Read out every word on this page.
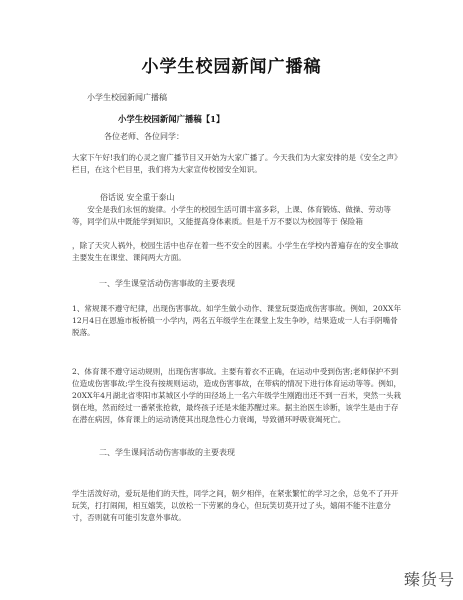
小学生校园新闻广播稿
小学生校园新闻广播稿
小学生校园新闻广播稿【1】
各位老师、各位同学：
大家下午好!我们的心灵之窗广播节目又开始为大家广播了。今天我们为大家安排的是《安全之声》栏目，在这个栏目里，我们将为大家宣传校园安全知识。
俗话说 安全重于泰山
安全是我们永恒的旋律。小学生的校园生活可谓丰富多彩，上课、体育锻炼、做操、劳动等等，同学们从中既能学到知识，又能提高身体素质。但是千万不要以为校园等于 保险箱
，除了天灾人祸外，校园生活中也存在着一些不安全的因素。小学生在学校内普遍存在的安全事故主要发生在课堂、课间两大方面。
一、学生课堂活动伤害事故的主要表现
1、常规课不遵守纪律，出现伤害事故。如学生做小动作、课堂玩耍造成伤害事故。例如，20XX年12月4日在恩施市板桥镇一小学内，两名五年级学生在课堂上发生争吵，结果造成一人右手阴嘴骨脱落。
2、体育课不遵守运动规则，出现伤害事故。主要有着衣不正确，在运动中受到伤害;老师保护不到位造成伤害事故;学生没有按规则运动，造成伤害事故，在带病的情况下进行体育运动等等。例如，20XX年4月湖北省枣阳市某城区小学的田径场上一名六年级学生刚跑出还不到一百米，突然一头栽倒在地，然而经过一番紧张抢救，最终孩子还是未能苏醒过来。据主治医生诊断，该学生是由于存在潜在病因，体育课上的运动诱使其出现急性心力衰竭，导致循环呼吸衰竭死亡。
二、学生课间活动伤害事故的主要表现
学生活泼好动，爱玩是他们的天性，同学之间，朝夕相伴，在紧张繁忙的学习之余，总免不了开开玩笑，打打闹闹，相互嬉笑，以放松一下劳累的身心，但玩笑切莫开过了头，嬉闹不能不注意分寸，否则就有可能引发意外事故。
臻货号
